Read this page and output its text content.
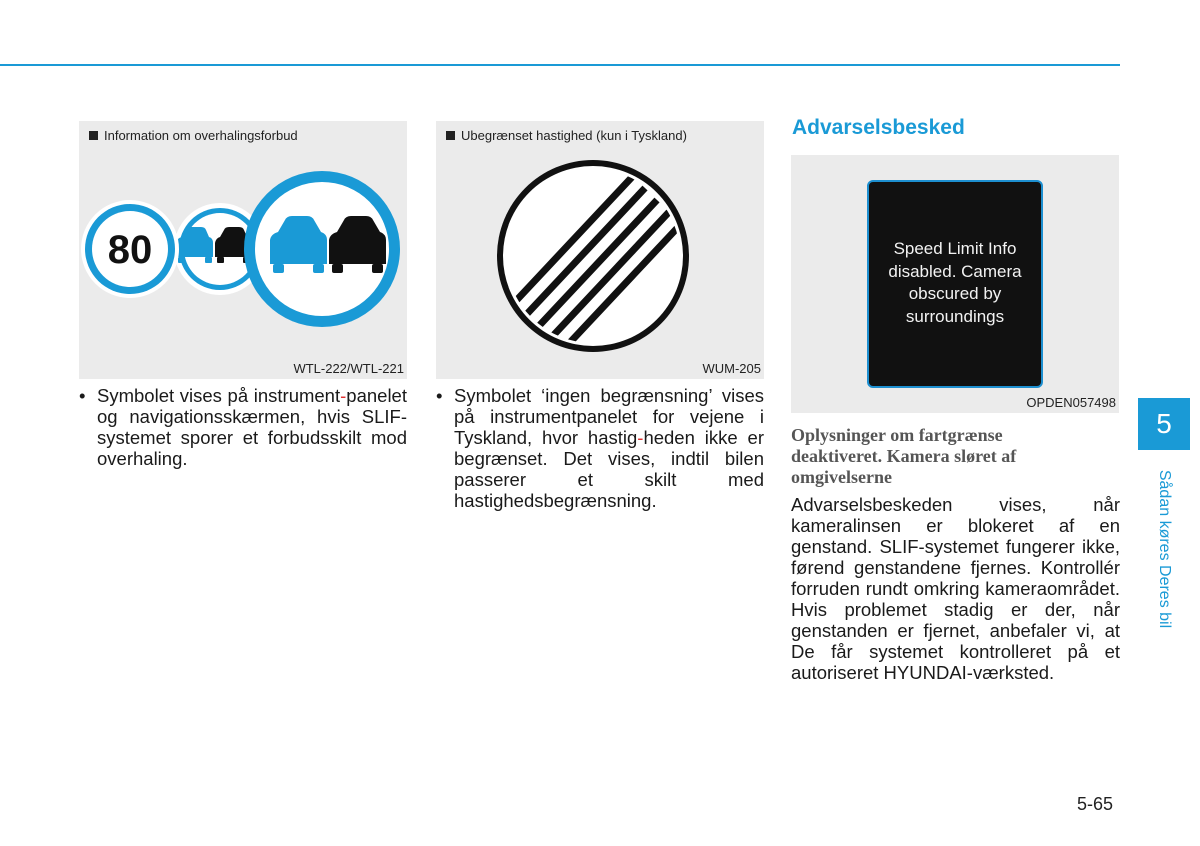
Information om overhalingsforbud
80
WTL-222/WTL-221
Ubegrænset hastighed (kun i Tyskland)
WUM-205
• Symbolet vises på instrument-panelet og navigationsskærmen, hvis SLIF-systemet sporer et forbudsskilt mod overhaling.
• Symbolet ‘ingen begrænsning’ vises på instrumentpanelet for vejene i Tyskland, hvor hastig-heden ikke er begrænset. Det vises, indtil bilen passerer et skilt med hastighedsbegrænsning.
Advarselsbesked
Speed Limit Info
disabled. Camera
obscured by
surroundings
OPDEN057498
Oplysninger om fartgrænse deaktiveret. Kamera sløret af omgivelserne
Advarselsbeskeden vises, når kameralinsen er blokeret af en genstand. SLIF-systemet fungerer ikke, førend genstandene fjernes. Kontrollér forruden rundt omkring kameraområdet. Hvis problemet stadig er der, når genstanden er fjernet, anbefaler vi, at De får systemet kontrolleret på et autoriseret HYUNDAI-værksted.
5
Sådan køres Deres bil
5-65
